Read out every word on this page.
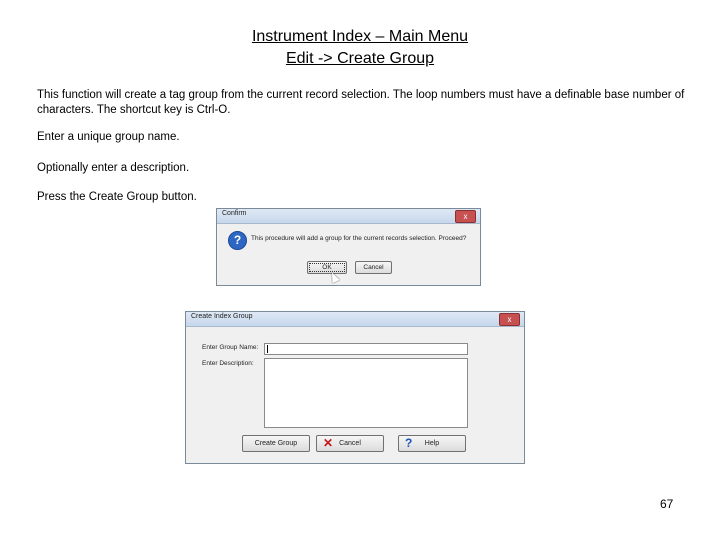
Instrument Index – Main Menu
Edit -> Create Group

This function will create a tag group from the current record selection. The loop numbers must have a definable base number of characters. The shortcut key is Ctrl-O.

Enter a unique group name.

Optionally enter a description.

Press the Create Group button.

Confirm	x
?	This procedure will add a group for the current records selection. Proceed?
OK	Cancel
Create Index Group	x
Enter Group Name:
Enter Description:
Create Group	✕ Cancel	? Help
67
